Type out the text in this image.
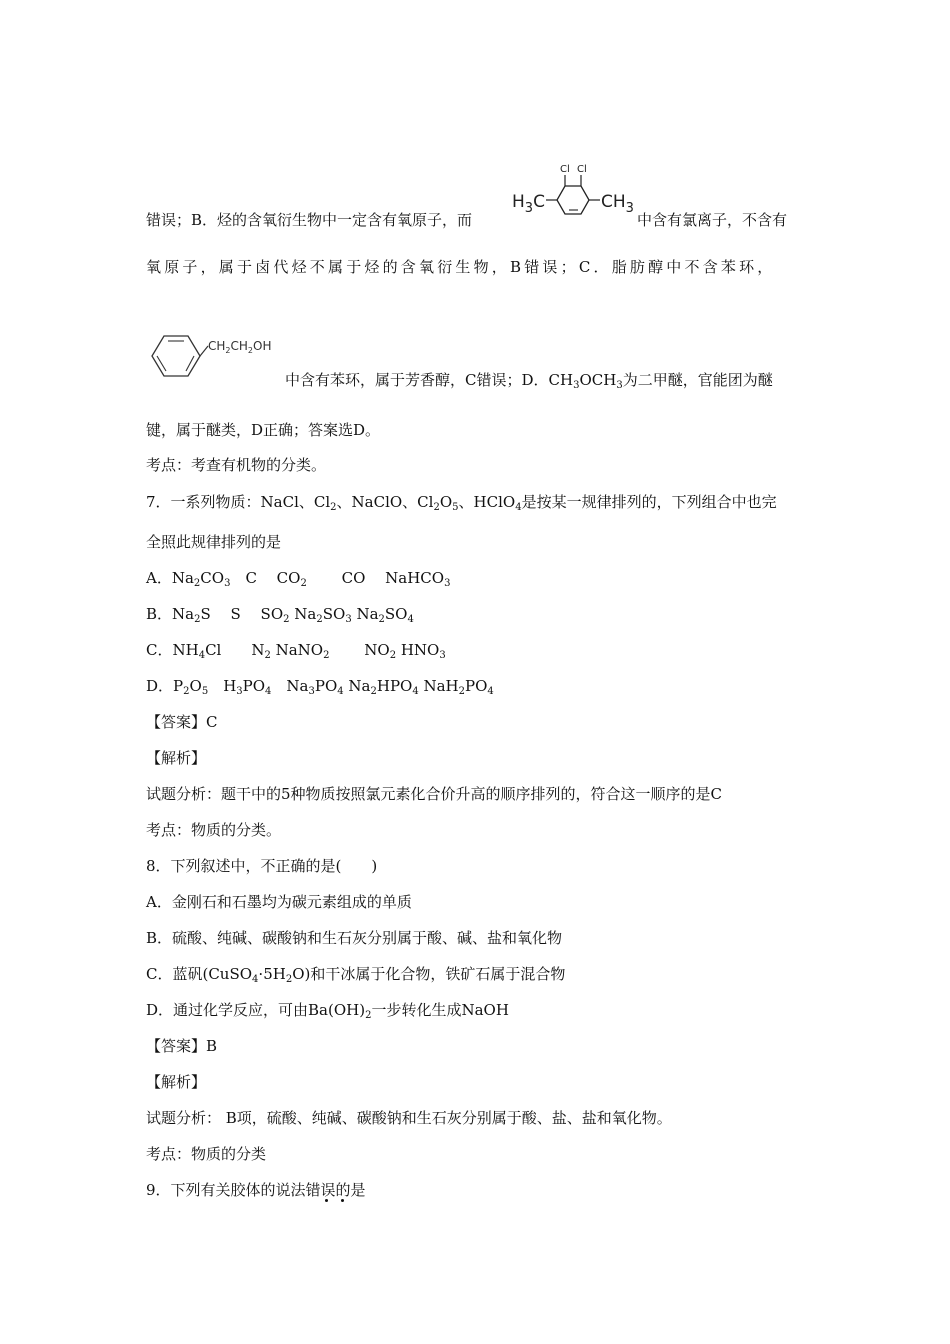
错误；B．烃的含氧衍生物中一定含有氧原子，而
Cl Cl
$H_3C$	$CH_3$
中含有氯离子，不含有
氧原子，属于卤代烃不属于烃的含氧衍生物，B错误；C．脂肪醇中不含苯环，
$CH_2CH_2OH$
中含有苯环，属于芳香醇，C错误；D．$CH_3OCH_3$为二甲醚，官能团为醚
键，属于醚类，D正确；答案选D。
考点：考查有机物的分类。
7．一系列物质：NaCl、$Cl_2$、NaClO、$Cl_2O_5$、HClO$_4$是按某一规律排列的，下列组合中也完
全照此规律排列的是
A．$Na_2CO_3$　C　 $CO_2$　　 CO　 NaHCO$_3$
B．$Na_2S$　 S　 $SO_2$ $Na_2SO_3$ $Na_2SO_4$
C．$NH_4Cl$　　$N_2$ NaNO$_2$　　 $NO_2$ $HNO_3$
D．$P_2O_5$　$H_3PO_4$　$Na_3PO_4$ $Na_2HPO_4$ $NaH_2PO_4$
【答案】C
【解析】
试题分析：题干中的5种物质按照氯元素化合价升高的顺序排列的，符合这一顺序的是C
考点：物质的分类。
8．下列叙述中，不正确的是(　　)
A．金刚石和石墨均为碳元素组成的单质
B．硫酸、纯碱、碳酸钠和生石灰分别属于酸、碱、盐和氧化物
C．蓝矾$(CuSO_4\cdot 5H_2O)$和干冰属于化合物，铁矿石属于混合物
D．通过化学反应，可由$Ba(OH)_2$一步转化生成NaOH
【答案】B
【解析】
试题分析： B项，硫酸、纯碱、碳酸钠和生石灰分别属于酸、盐、盐和氧化物。
考点：物质的分类
9．下列有关胶体的说法错误的是
